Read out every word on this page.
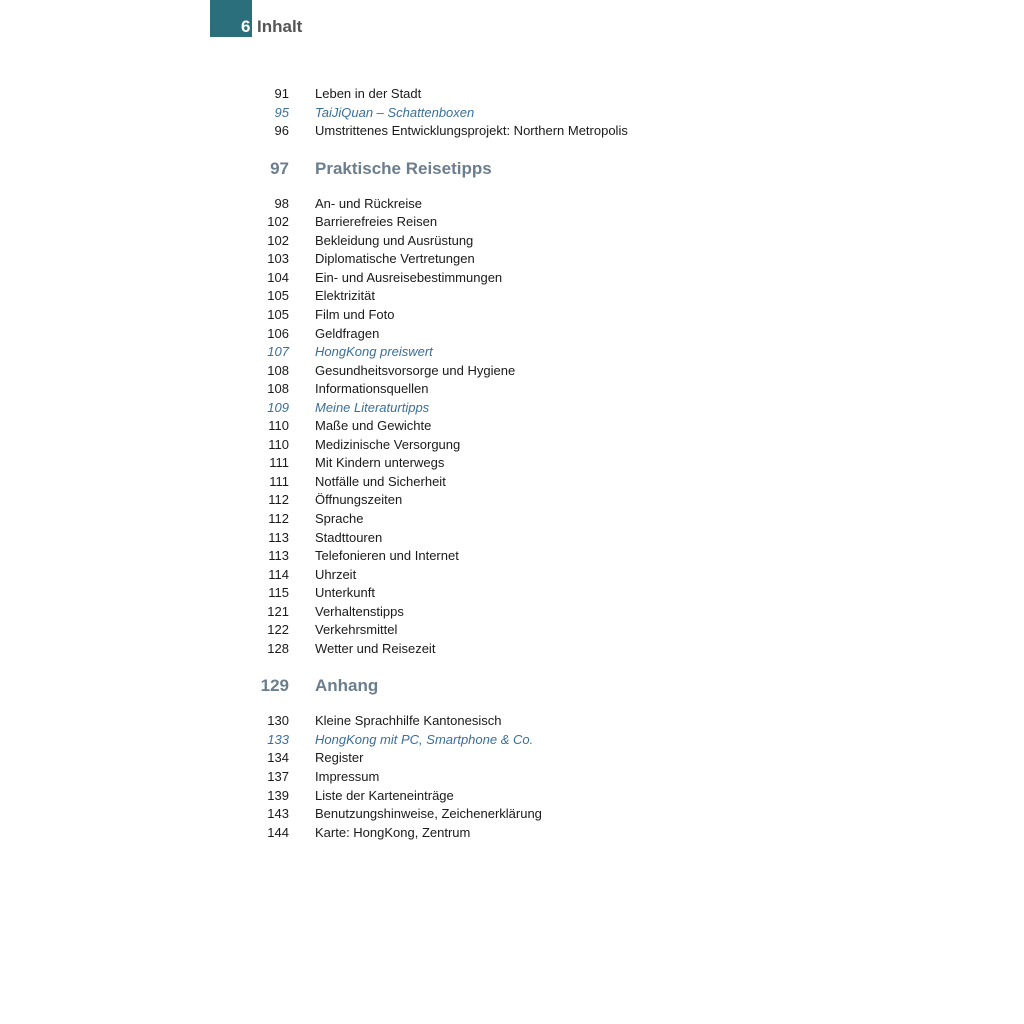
6 Inhalt
91 Leben in der Stadt
95 TaiJiQuan – Schattenboxen
96 Umstrittenes Entwicklungsprojekt: Northern Metropolis
97 Praktische Reisetipps
98 An- und Rückreise
102 Barrierefreies Reisen
102 Bekleidung und Ausrüstung
103 Diplomatische Vertretungen
104 Ein- und Ausreisebestimmungen
105 Elektrizität
105 Film und Foto
106 Geldfragen
107 HongKong preiswert
108 Gesundheitsvorsorge und Hygiene
108 Informationsquellen
109 Meine Literaturtipps
110 Maße und Gewichte
110 Medizinische Versorgung
111 Mit Kindern unterwegs
111 Notfälle und Sicherheit
112 Öffnungszeiten
112 Sprache
113 Stadttouren
113 Telefonieren und Internet
114 Uhrzeit
115 Unterkunft
121 Verhaltenstipps
122 Verkehrsmittel
128 Wetter und Reisezeit
129 Anhang
130 Kleine Sprachhilfe Kantonesisch
133 HongKong mit PC, Smartphone & Co.
134 Register
137 Impressum
139 Liste der Karteneinträge
143 Benutzungshinweise, Zeichenerklärung
144 Karte: HongKong, Zentrum
